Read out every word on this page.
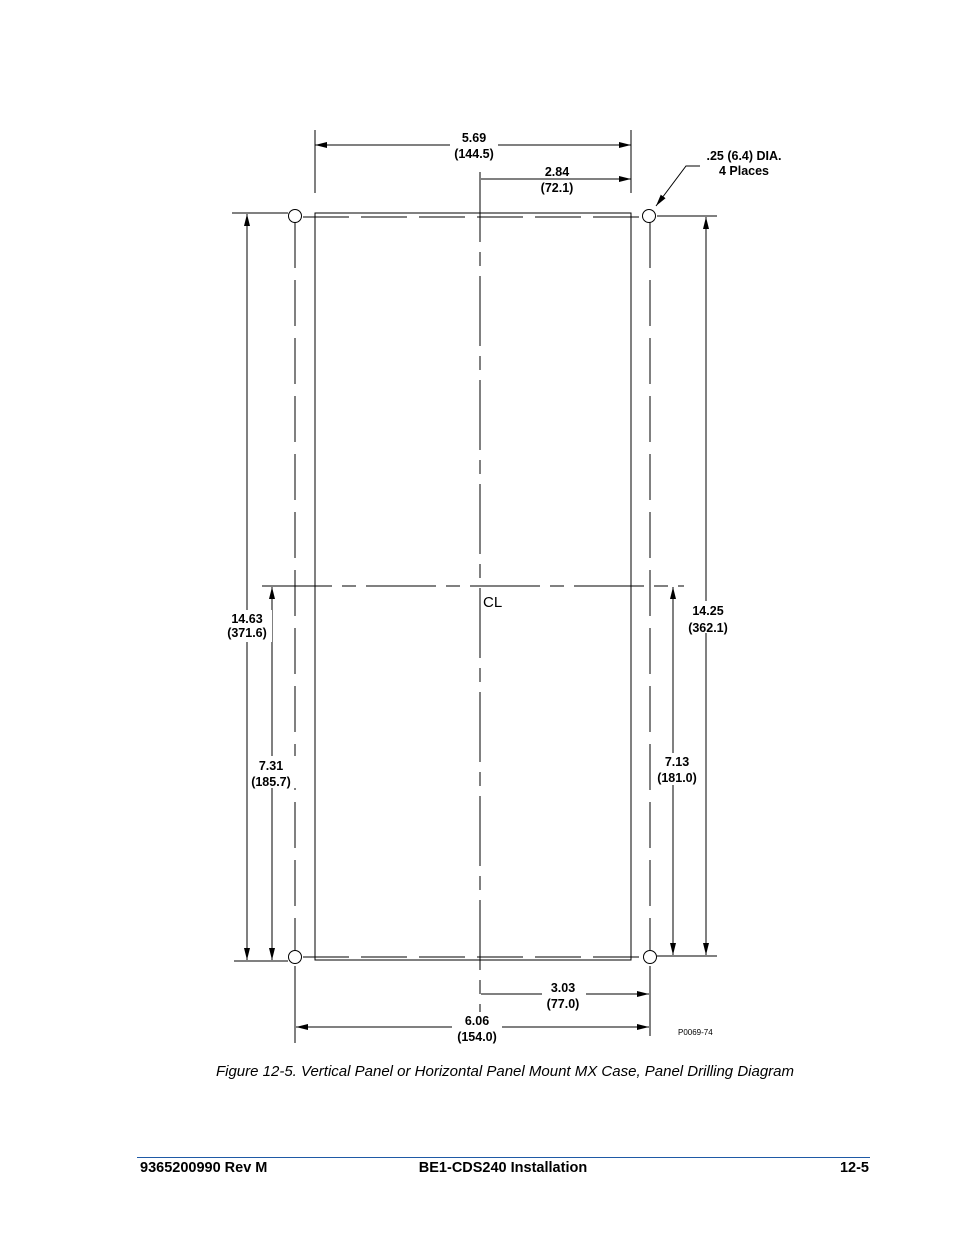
5.69
(144.5)
2.84
(72.1)
.25 (6.4) DIA.
4 Places
14.63
(371.6)
7.31
(185.7)
14.25
(362.1)
7.13
(181.0)
3.03
(77.0)
6.06
(154.0)
CL
P0069-74
Figure 12-5. Vertical Panel or Horizontal Panel Mount MX Case, Panel Drilling Diagram
9365200990 Rev M	BE1-CDS240 Installation	12-5
